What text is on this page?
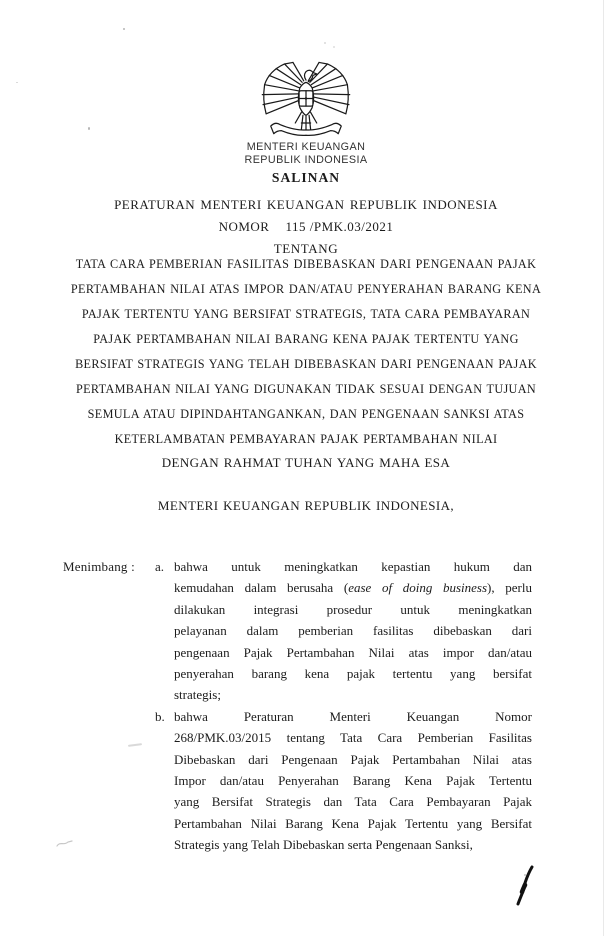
MENTERI KEUANGAN
REPUBLIK INDONESIA
SALINAN
PERATURAN MENTERI KEUANGAN REPUBLIK INDONESIA
NOMOR 115 /PMK.03/2021
TENTANG
TATA CARA PEMBERIAN FASILITAS DIBEBASKAN DARI PENGENAAN PAJAK
PERTAMBAHAN NILAI ATAS IMPOR DAN/ATAU PENYERAHAN BARANG KENA
PAJAK TERTENTU YANG BERSIFAT STRATEGIS, TATA CARA PEMBAYARAN
PAJAK PERTAMBAHAN NILAI BARANG KENA PAJAK TERTENTU YANG
BERSIFAT STRATEGIS YANG TELAH DIBEBASKAN DARI PENGENAAN PAJAK
PERTAMBAHAN NILAI YANG DIGUNAKAN TIDAK SESUAI DENGAN TUJUAN
SEMULA ATAU DIPINDAHTANGANKAN, DAN PENGENAAN SANKSI ATAS
KETERLAMBATAN PEMBAYARAN PAJAK PERTAMBAHAN NILAI
DENGAN RAHMAT TUHAN YANG MAHA ESA
MENTERI KEUANGAN REPUBLIK INDONESIA,
Menimbang : a. bahwa untuk meningkatkan kepastian hukum dan
kemudahan dalam berusaha (ease of doing business), perlu
dilakukan integrasi prosedur untuk meningkatkan
pelayanan dalam pemberian fasilitas dibebaskan dari
pengenaan Pajak Pertambahan Nilai atas impor dan/atau
penyerahan barang kena pajak tertentu yang bersifat
strategis;
b. bahwa Peraturan Menteri Keuangan Nomor
268/PMK.03/2015 tentang Tata Cara Pemberian Fasilitas
Dibebaskan dari Pengenaan Pajak Pertambahan Nilai atas
Impor dan/atau Penyerahan Barang Kena Pajak Tertentu
yang Bersifat Strategis dan Tata Cara Pembayaran Pajak
Pertambahan Nilai Barang Kena Pajak Tertentu yang Bersifat
Strategis yang Telah Dibebaskan serta Pengenaan Sanksi,
